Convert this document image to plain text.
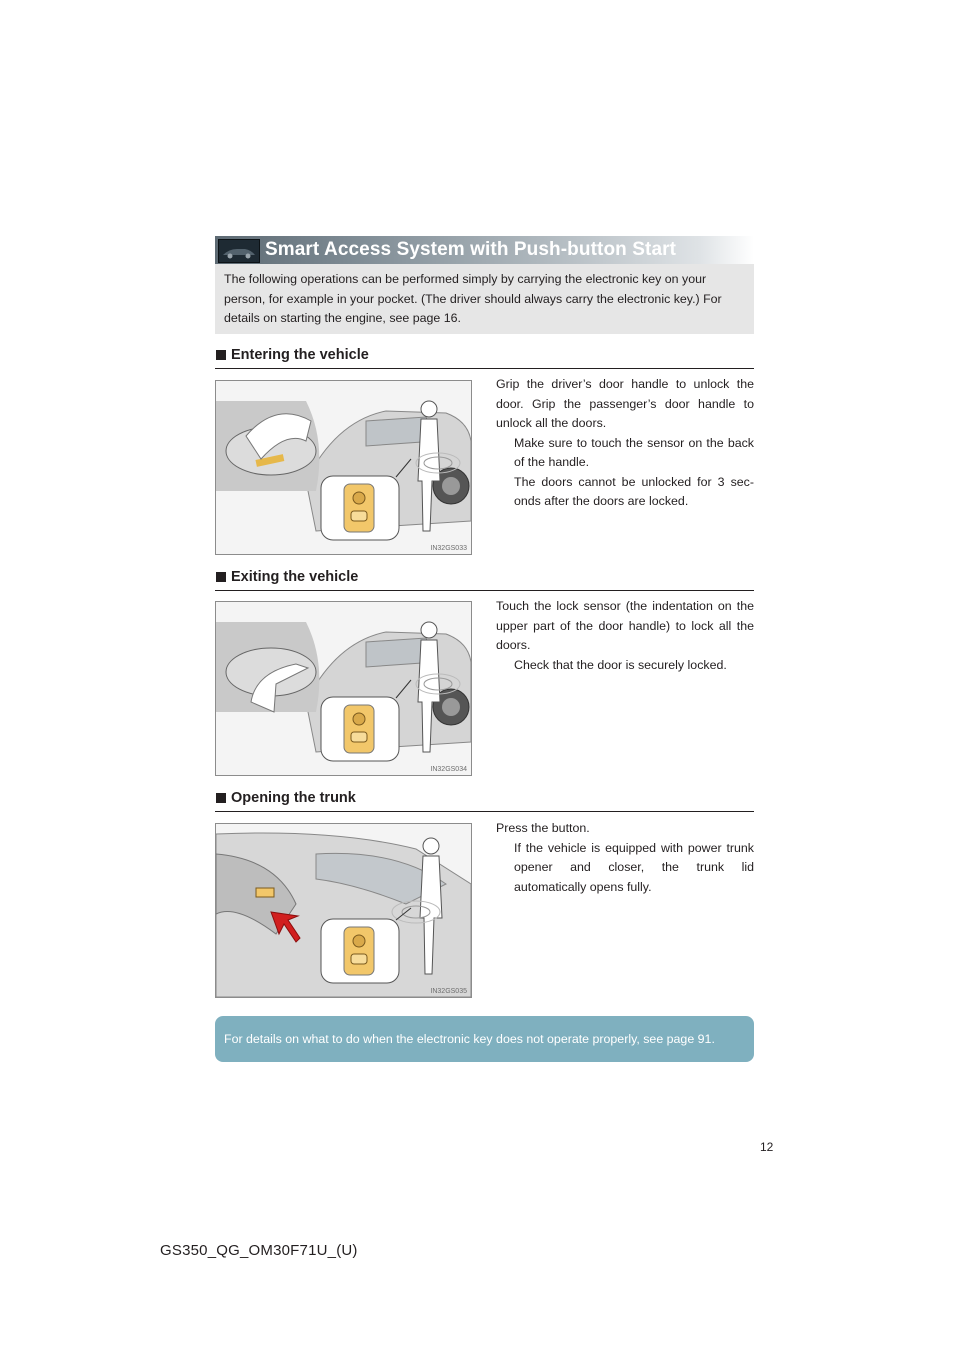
Smart Access System with Push-button Start
The following operations can be performed simply by carrying the electronic key on your person, for example in your pocket. (The driver should always carry the electronic key.) For details on starting the engine, see page 16.
Entering the vehicle
IN32GS033

Grip the driver’s door handle to unlock the door. Grip the passenger’s door handle to unlock all the doors.

Make sure to touch the sensor on the back of the handle.

The doors cannot be unlocked for 3 sec-onds after the doors are locked.

Exiting the vehicle
IN32GS034

Touch the lock sensor (the indentation on the upper part of the door handle) to lock all the doors.

Check that the door is securely locked.

Opening the trunk
IN32GS035

Press the button.

If the vehicle is equipped with power trunk opener and closer, the trunk lid automatically opens fully.

For details on what to do when the electronic key does not operate properly, see page 91.
12
GS350_QG_OM30F71U_(U)
